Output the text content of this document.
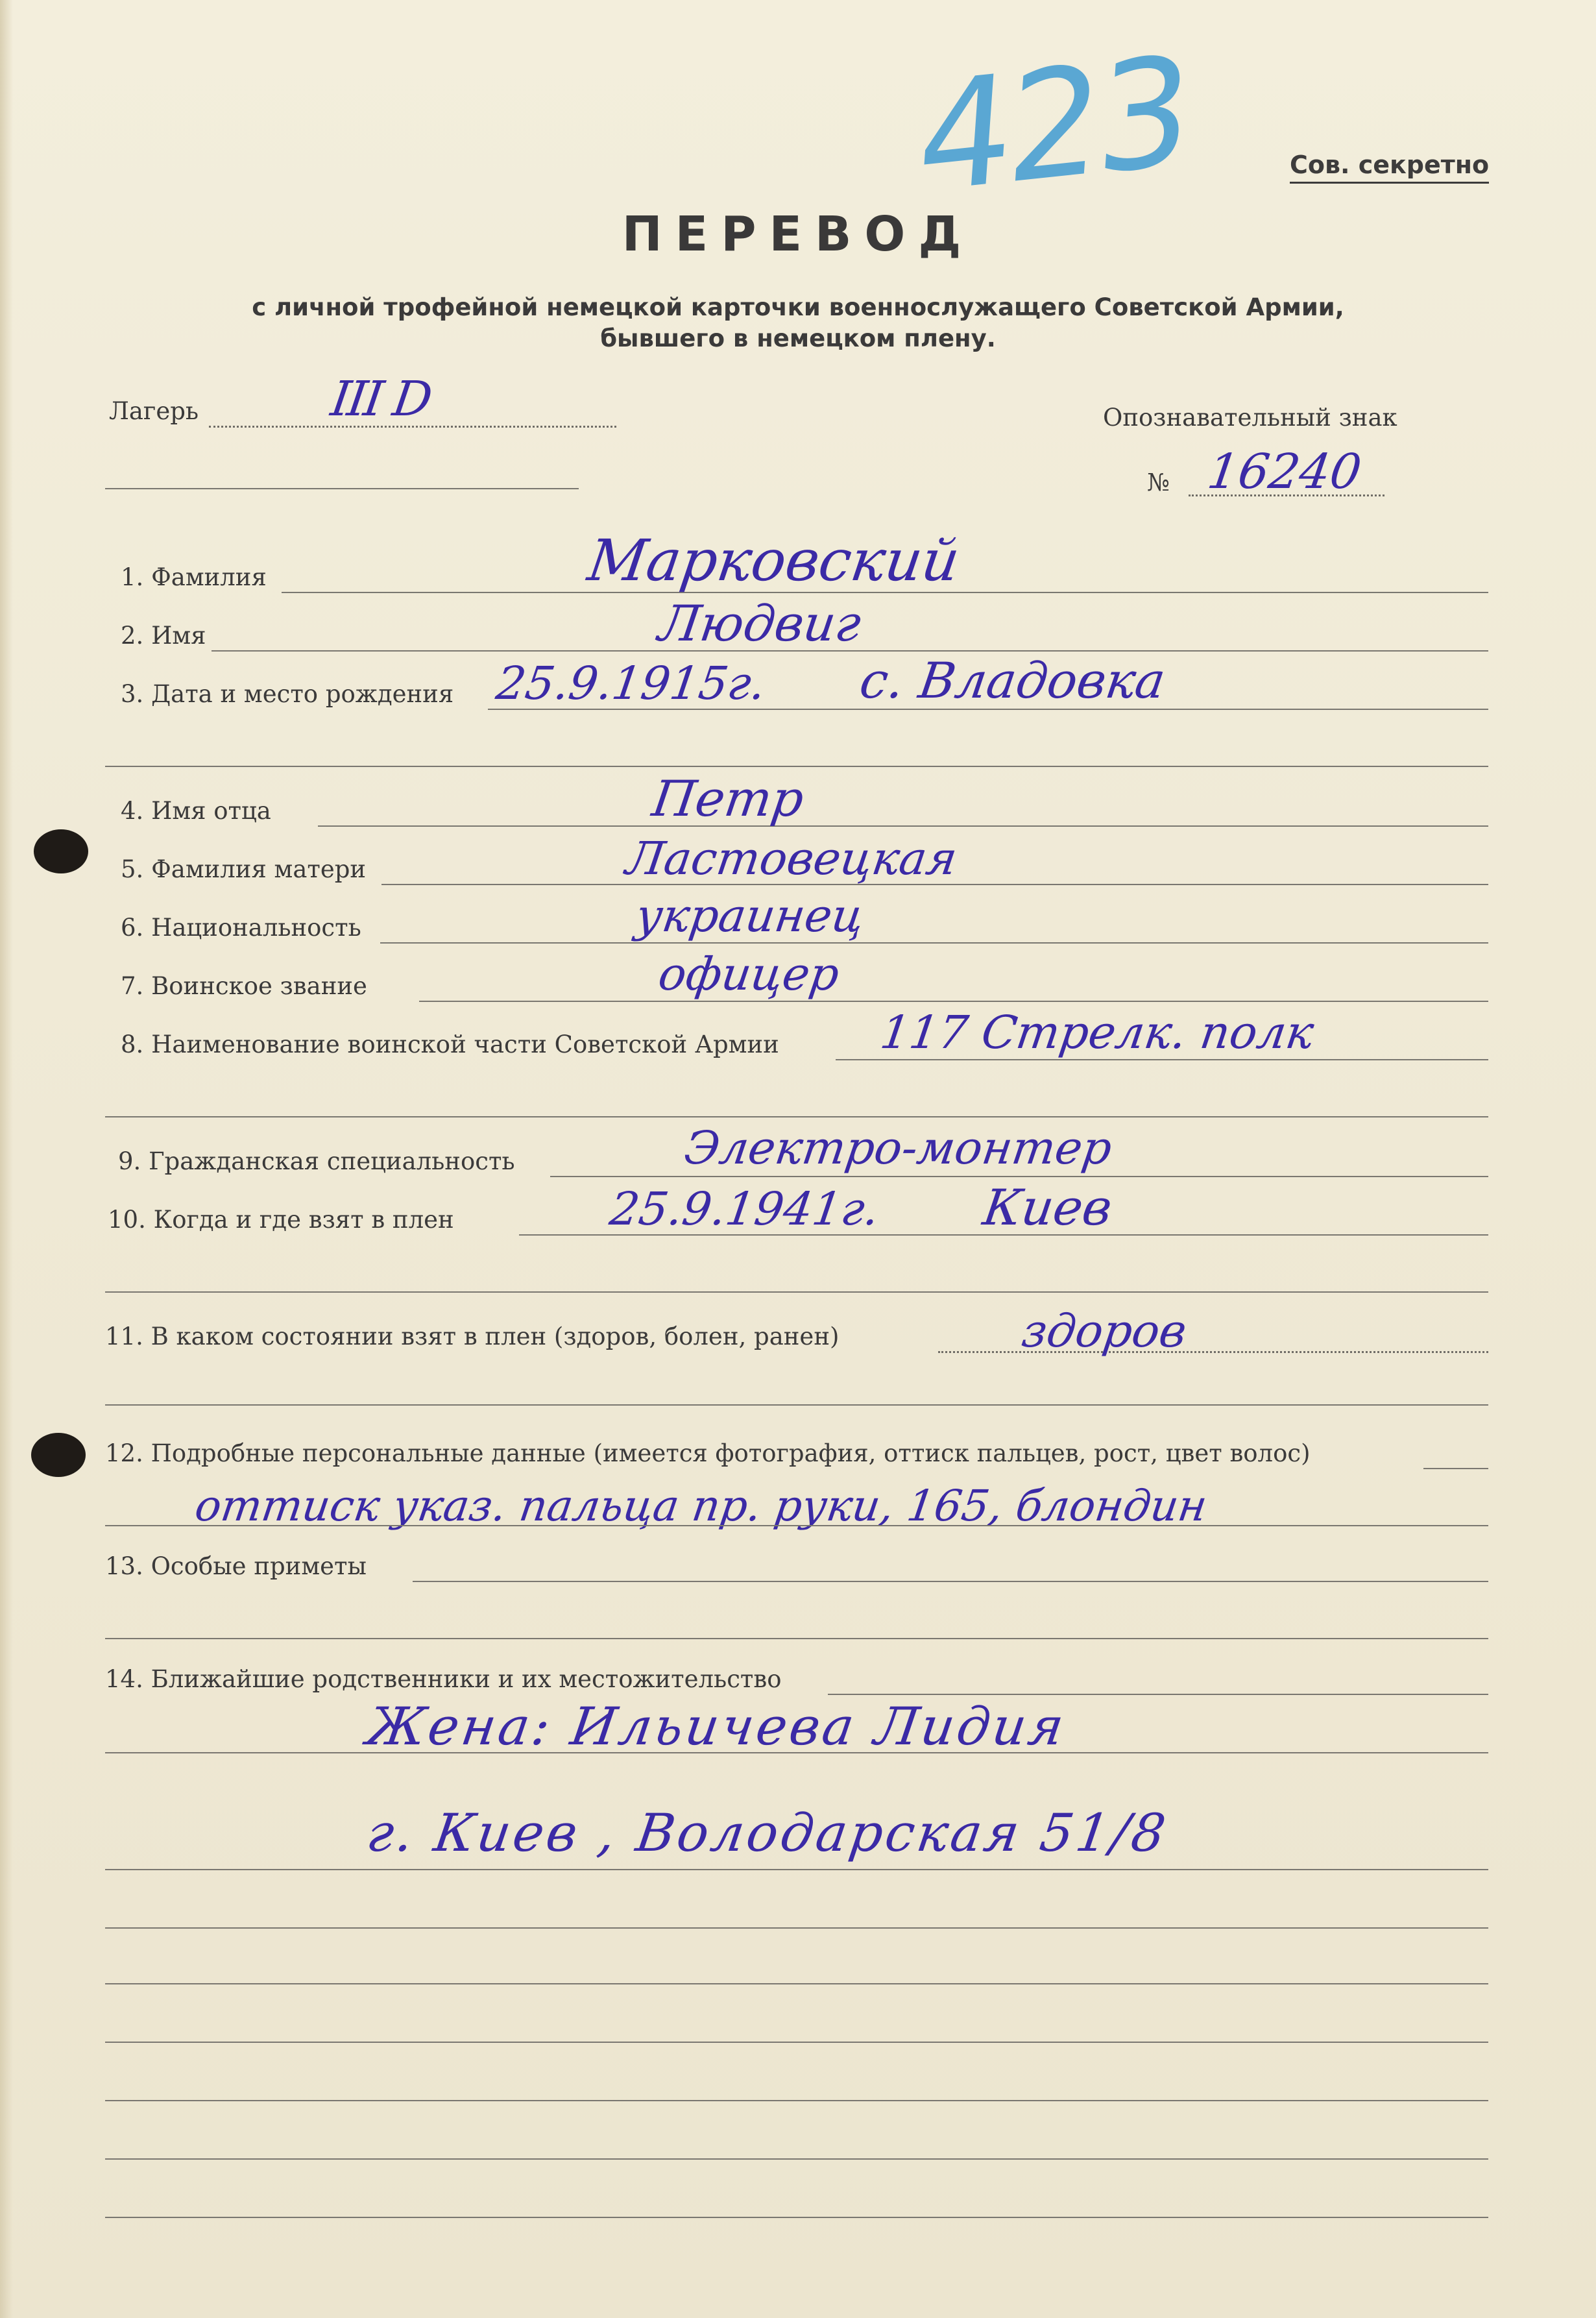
423	Сов. секретно
ПЕРЕВОД
с личной трофейной немецкой карточки военнослужащего Советской Армии,
бывшего в немецком плену.
Лагерь	III D	Опознавательный знак
№ 16240
1. Фамилия	Марковский
2. Имя	Людвиг
3. Дата и место рождения 25.9.1915г. с. Владовка
4. Имя отца	Петр
5. Фамилия матери	Ластовецкая
6. Национальность	украинец
7. Воинское звание	офицер
8. Наименование воинской части Советской Армии 117 Стрелк. полк
9. Гражданская специальность	Электро-монтер
10. Когда и где взят в плен	25.9.1941г. Киев
11. В каком состоянии взят в плен (здоров, болен, ранен)	здоров
12. Подробные персональные данные (имеется фотография, оттиск пальцев, рост, цвет волос)
оттиск указ. пальца пр. руки, 165, блондин
13. Особые приметы
14. Ближайшие родственники и их местожительство
Жена: Ильичева Лидия
г. Киев , Володарская 51/8
